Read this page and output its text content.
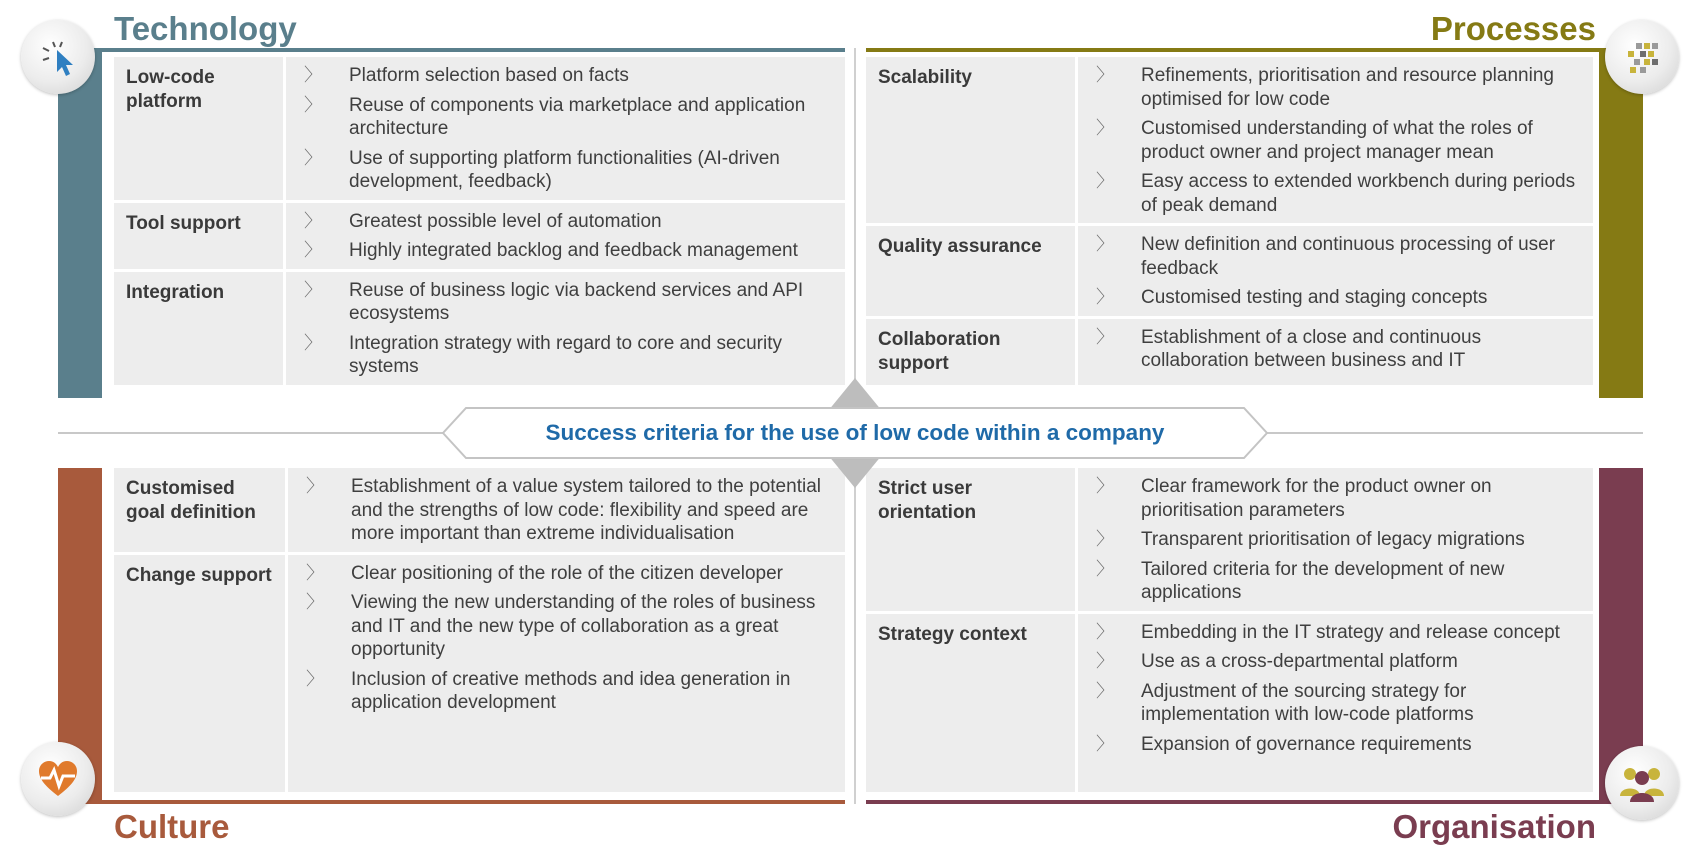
Technology	Processes
Culture	Organisation
Low-code platform
〉	Platform selection based on facts
〉	Reuse of components via marketplace and application architecture
〉	Use of supporting platform functionalities (AI-driven development, feedback)
Tool support	〉	Greatest possible level of automation
〉	Highly integrated backlog and feedback management
Integration	〉	Reuse of business logic via backend services and API ecosystems
〉	Integration strategy with regard to core and security systems
Scalability	〉	Refinements, prioritisation and resource planning optimised for low code
〉	Customised understanding of what the roles of product owner and project manager mean
〉	Easy access to extended workbench during periods of peak demand
Quality assurance	〉	New definition and continuous processing of user feedback
〉	Customised testing and staging concepts
Collaboration support
〉	Establishment of a close and continuous collaboration between business and IT
Customised goal definition
〉	Establishment of a value system tailored to the potential and the strengths of low code: flexibility and speed are more important than extreme individualisation
Change support	〉	Clear positioning of the role of the citizen developer
〉	Viewing the new understanding of the roles of business and IT and the new type of collaboration as a great opportunity
〉	Inclusion of creative methods and idea generation in application development
Strict user orientation
〉	Clear framework for the product owner on prioritisation parameters
〉	Transparent prioritisation of legacy migrations
〉	Tailored criteria for the development of new applications
Strategy context	〉	Embedding in the IT strategy and release concept
〉	Use as a cross-departmental platform
〉	Adjustment of the sourcing strategy for implementation with low-code platforms
〉	Expansion of governance requirements
Success criteria for the use of low code within a company
